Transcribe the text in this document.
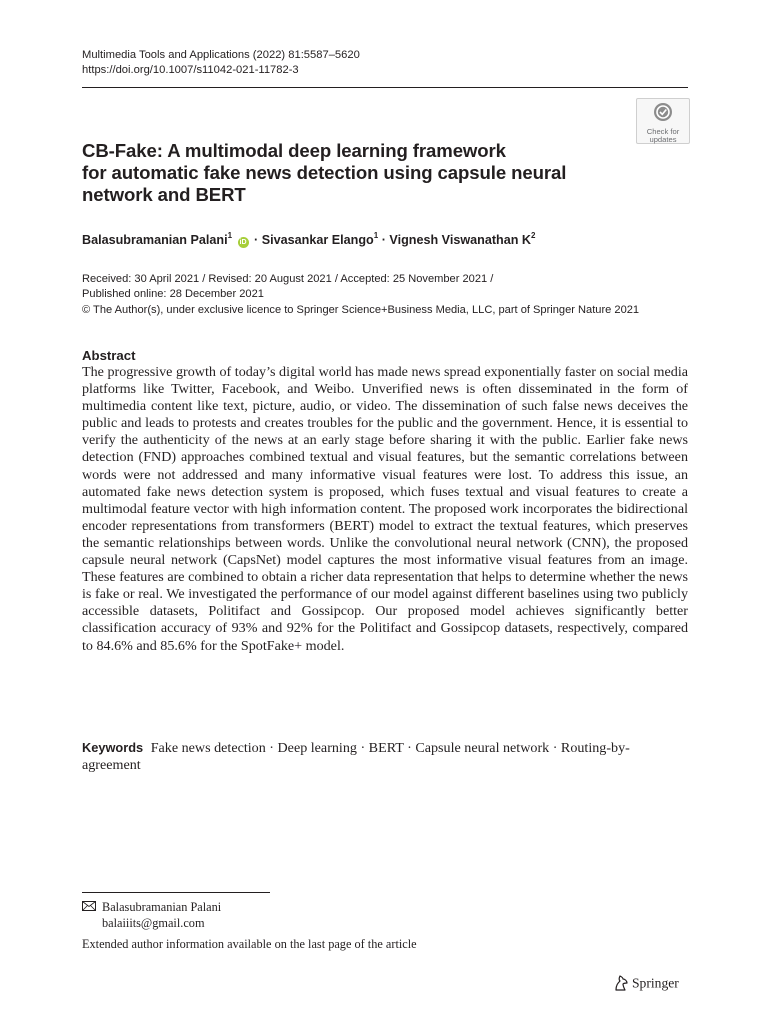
Multimedia Tools and Applications (2022) 81:5587–5620
https://doi.org/10.1007/s11042-021-11782-3
Check for
updates
CB-Fake: A multimodal deep learning framework
for automatic fake news detection using capsule neural
network and BERT
Balasubramanian Palani$^1$ iD · Sivasankar Elango$^1$ · Vignesh Viswanathan $K^2$
Received: 30 April 2021 / Revised: 20 August 2021 / Accepted: 25 November 2021 /
Published online: 28 December 2021
© The Author(s), under exclusive licence to Springer Science+Business Media, LLC, part of Springer Nature 2021
Abstract
The progressive growth of today’s digital world has made news spread exponentially faster on social media platforms like Twitter, Facebook, and Weibo. Unverified news is often disseminated in the form of multimedia content like text, picture, audio, or video. The dissemination of such false news deceives the public and leads to protests and creates troubles for the public and the government. Hence, it is essential to verify the authenticity of the news at an early stage before sharing it with the public. Earlier fake news detection (FND) approaches combined textual and visual features, but the semantic correlations between words were not addressed and many informative visual features were lost. To address this issue, an automated fake news detection system is proposed, which fuses textual and visual features to create a multimodal feature vector with high information content. The proposed work incorporates the bidirectional encoder representations from transformers (BERT) model to extract the textual features, which preserves the semantic relationships between words. Unlike the convolutional neural network (CNN), the proposed capsule neural network (CapsNet) model captures the most informative visual features from an image. These features are combined to obtain a richer data representation that helps to determine whether the news is fake or real. We investigated the performance of our model against different baselines using two publicly accessible datasets, Politifact and Gossipcop. Our proposed model achieves significantly better classification accuracy of 93% and 92% for the Politifact and Gossipcop datasets, respectively, compared to 84.6% and 85.6% for the SpotFake+ model.
Keywords Fake news detection · Deep learning · BERT · Capsule neural network · Routing-by-agreement
Balasubramanian Palani
balaiiits@gmail.com
Extended author information available on the last page of the article
Springer
